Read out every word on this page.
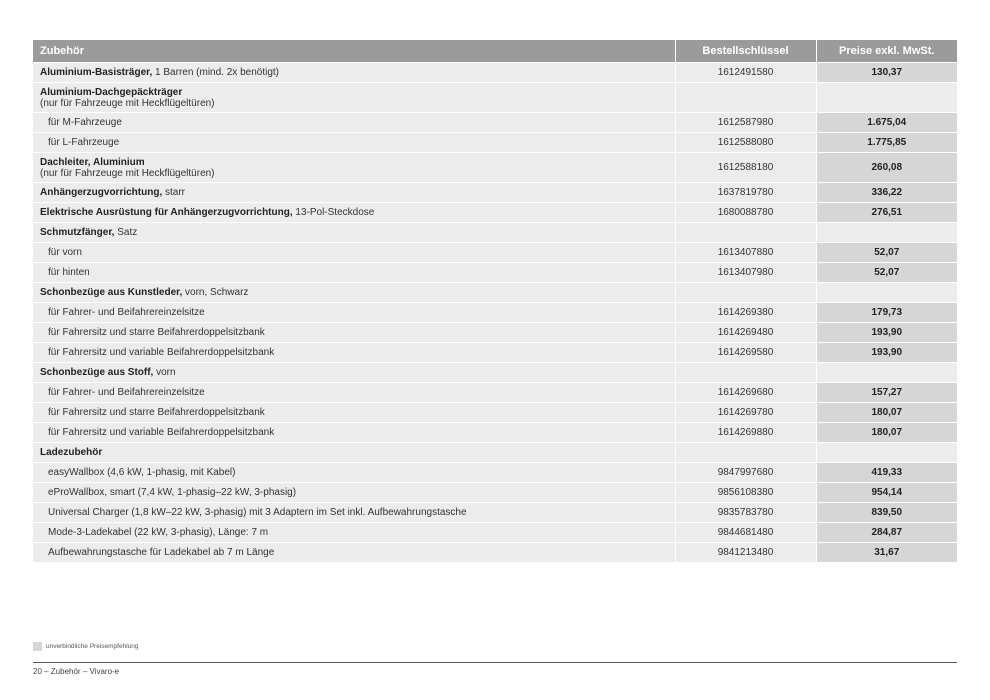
Zubehör	Bestellschlüssel	Preise exkl. MwSt.
Aluminium-Basisträger, 1 Barren (mind. 2x benötigt)	1612491580	130,37
Aluminium-Dachgepäckträger
(nur für Fahrzeuge mit Heckflügeltüren)		

für M-Fahrzeuge	1612587980	1.675,04
für L-Fahrzeuge	1612588080	1.775,85
Dachleiter, Aluminium
(nur für Fahrzeuge mit Heckflügeltüren)	1612588180	260,08
Anhängerzugvorrichtung, starr	1637819780	336,22
Elektrische Ausrüstung für Anhängerzugvorrichtung, 13-Pol-Steckdose	1680088780	276,51
Schmutzfänger, Satz		
für vorn	1613407880	52,07
für hinten	1613407980	52,07
Schonbezüge aus Kunstleder, vorn, Schwarz		
für Fahrer- und Beifahrereinzelsitze	1614269380	179,73
für Fahrersitz und starre Beifahrerdoppelsitzbank	1614269480	193,90
für Fahrersitz und variable Beifahrerdoppelsitzbank	1614269580	193,90
Schonbezüge aus Stoff, vorn		
für Fahrer- und Beifahrereinzelsitze	1614269680	157,27
für Fahrersitz und starre Beifahrerdoppelsitzbank	1614269780	180,07
für Fahrersitz und variable Beifahrerdoppelsitzbank	1614269880	180,07
Ladezubehör		
easyWallbox (4,6 kW, 1-phasig, mit Kabel)	9847997680	419,33
eProWallbox, smart (7,4 kW, 1-phasig–22 kW, 3-phasig)	9856108380	954,14
Universal Charger (1,8 kW–22 kW, 3-phasig) mit 3 Adaptern im Set inkl. Aufbewahrungstasche	9835783780	839,50
Mode-3-Ladekabel (22 kW, 3-phasig), Länge: 7 m	9844681480	284,87
Aufbewahrungstasche für Ladekabel ab 7 m Länge	9841213480	31,67
unverbindliche Preisempfehlung
20 – Zubehör – Vivaro-e
